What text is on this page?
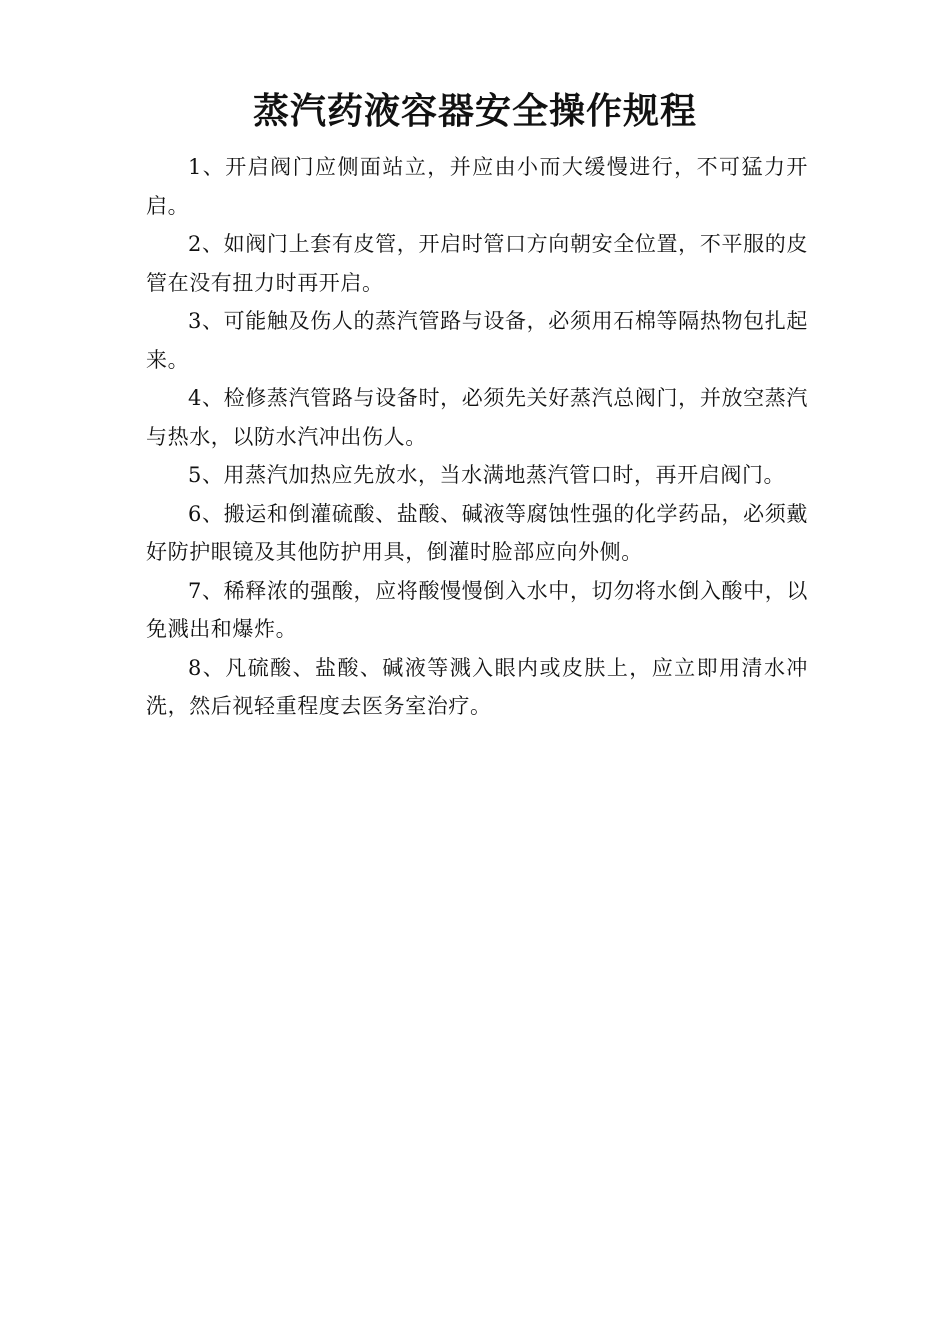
蒸汽药液容器安全操作规程

1、开启阀门应侧面站立，并应由小而大缓慢进行，不可猛力开启。

2、如阀门上套有皮管，开启时管口方向朝安全位置，不平服的皮管在没有扭力时再开启。

3、可能触及伤人的蒸汽管路与设备，必须用石棉等隔热物包扎起来。

4、检修蒸汽管路与设备时，必须先关好蒸汽总阀门，并放空蒸汽与热水，以防水汽冲出伤人。

5、用蒸汽加热应先放水，当水满地蒸汽管口时，再开启阀门。

6、搬运和倒灌硫酸、盐酸、碱液等腐蚀性强的化学药品，必须戴好防护眼镜及其他防护用具，倒灌时脸部应向外侧。

7、稀释浓的强酸，应将酸慢慢倒入水中，切勿将水倒入酸中，以免溅出和爆炸。

8、凡硫酸、盐酸、碱液等溅入眼内或皮肤上，应立即用清水冲洗，然后视轻重程度去医务室治疗。
